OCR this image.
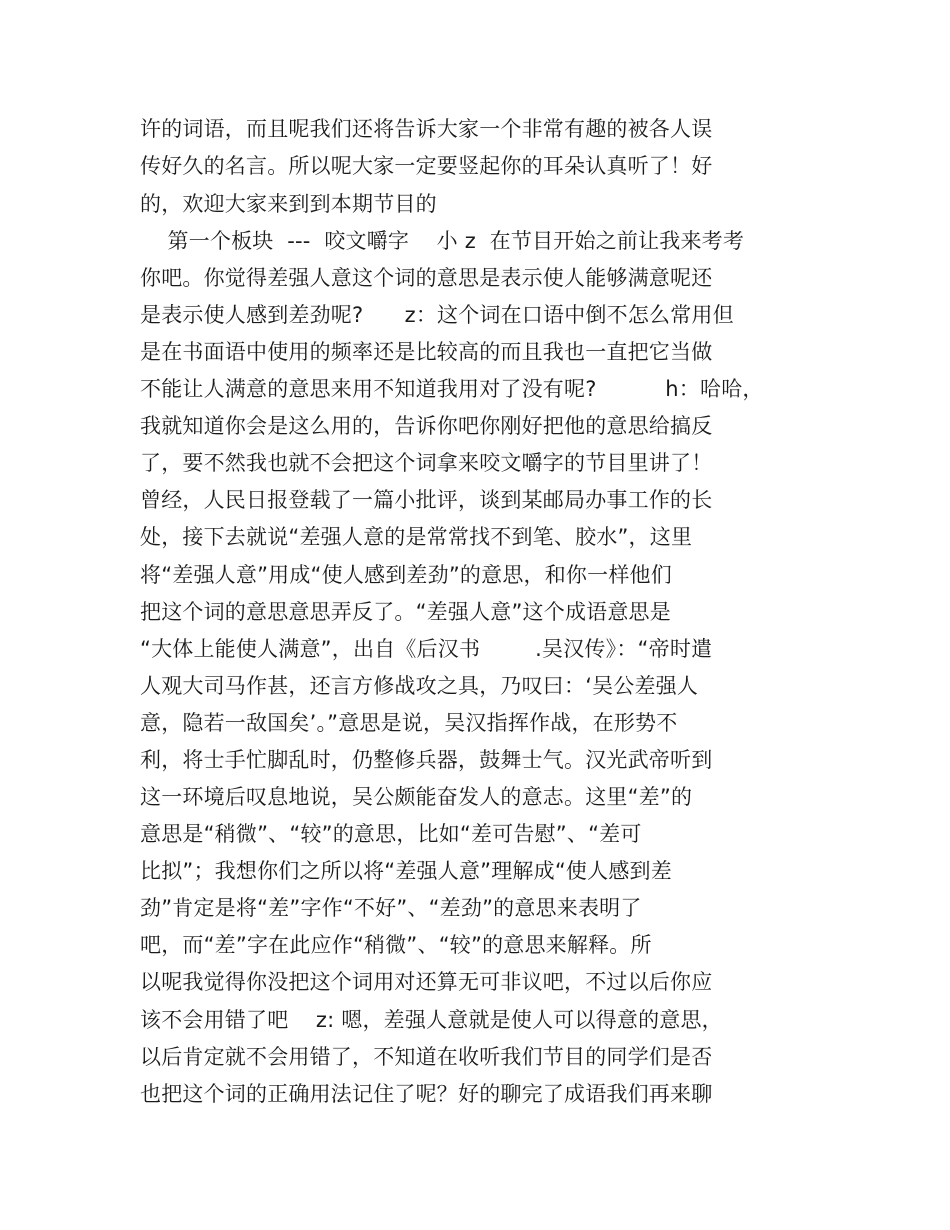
许的词语，而且呢我们还将告诉大家一个非常有趣的被各人误
传好久的名言。所以呢大家一定要竖起你的耳朵认真听了！好
的，欢迎大家来到到本期节目的
第一个板块  ---  咬文嚼字    小 z  在节目开始之前让我来考考
你吧。你觉得差强人意这个词的意思是表示使人能够满意呢还
是表示使人感到差劲呢?      z：这个词在口语中倒不怎么常用但
是在书面语中使用的频率还是比较高的而且我也一直把它当做
不能让人满意的意思来用不知道我用对了没有呢?          h：哈哈，
我就知道你会是这么用的，告诉你吧你刚好把他的意思给搞反
了，要不然我也就不会把这个词拿来咬文嚼字的节目里讲了！
曾经，人民日报登载了一篇小批评，谈到某邮局办事工作的长
处，接下去就说“差强人意的是常常找不到笔、胶水”，这里
将“差强人意”用成“使人感到差劲”的意思，和你一样他们
把这个词的意思意思弄反了。“差强人意”这个成语意思是
“大体上能使人满意”，出自《后汉书        .吴汉传》：“帝时遣
人观大司马作甚，还言方修战攻之具，乃叹曰：‘吴公差强人
意，隐若一敌国矣’。”意思是说，吴汉指挥作战，在形势不
利，将士手忙脚乱时，仍整修兵器，鼓舞士气。汉光武帝听到
这一环境后叹息地说，吴公颇能奋发人的意志。这里“差”的
意思是“稍微”、“较”的意思，比如“差可告慰”、“差可
比拟”；我想你们之所以将“差强人意”理解成“使人感到差
劲”肯定是将“差”字作“不好”、“差劲”的意思来表明了
吧，而“差”字在此应作“稍微”、“较”的意思来解释。所
以呢我觉得你没把这个词用对还算无可非议吧，不过以后你应
该不会用错了吧    z: 嗯，差强人意就是使人可以得意的意思，
以后肯定就不会用错了，不知道在收听我们节目的同学们是否
也把这个词的正确用法记住了呢？好的聊完了成语我们再来聊
